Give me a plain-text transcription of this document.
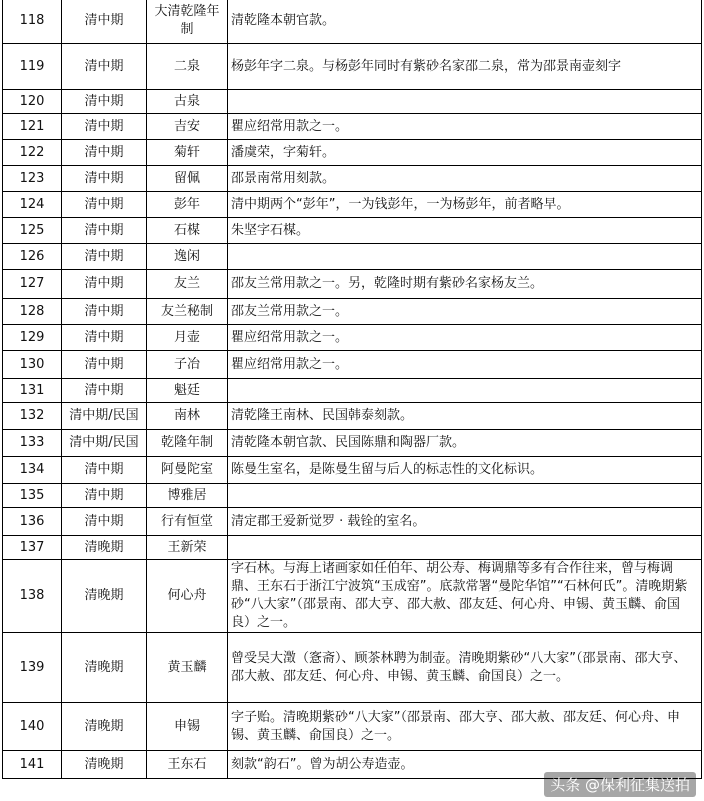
118	清中期	大清乾隆年制	清乾隆本朝官款。
119	清中期	二泉	杨彭年字二泉。与杨彭年同时有紫砂名家邵二泉，常为邵景南壶刻字
120	清中期	古泉	
121	清中期	吉安	瞿应绍常用款之一。
122	清中期	菊轩	潘虞荣，字菊轩。
123	清中期	留佩	邵景南常用刻款。
124	清中期	彭年	清中期两个“彭年”，一为钱彭年，一为杨彭年，前者略早。
125	清中期	石楳	朱坚字石楳。
126	清中期	逸闲	
127	清中期	友兰	邵友兰常用款之一。另，乾隆时期有紫砂名家杨友兰。
128	清中期	友兰秘制	邵友兰常用款之一。
129	清中期	月壶	瞿应绍常用款之一。
130	清中期	子冶	瞿应绍常用款之一。
131	清中期	魁廷	
132	清中期/民国	南林	清乾隆王南林、民国韩泰刻款。
133	清中期/民国	乾隆年制	清乾隆本朝官款、民国陈鼎和陶器厂款。
134	清中期	阿曼陀室	陈曼生室名，是陈曼生留与后人的标志性的文化标识。
135	清中期	博雅居	
136	清中期	行有恒堂	清定郡王爱新觉罗 · 载铨的室名。
137	清晚期	王新荣	
138	清晚期	何心舟	字石林。与海上诸画家如任伯年、胡公寿、梅调鼎等多有合作往来，曾与梅调鼎、王东石于浙江宁波筑“玉成窑”。底款常署“曼陀华馆”“石林何氏”。清晚期紫砂“八大家”（邵景南、邵大亨、邵大赦、邵友廷、何心舟、申锡、黄玉麟、俞国良）之一。
139	清晚期	黄玉麟	曾受吴大澂（愙斋）、顾茶林聘为制壶。清晚期紫砂“八大家”（邵景南、邵大亨、邵大赦、邵友廷、何心舟、申锡、黄玉麟、俞国良）之一。
140	清晚期	申锡	字子贻。清晚期紫砂“八大家”（邵景南、邵大亨、邵大赦、邵友廷、何心舟、申锡、黄玉麟、俞国良）之一。
141	清晚期	王东石	刻款“韵石”。曾为胡公寿造壶。
头条 @保利征集送拍
